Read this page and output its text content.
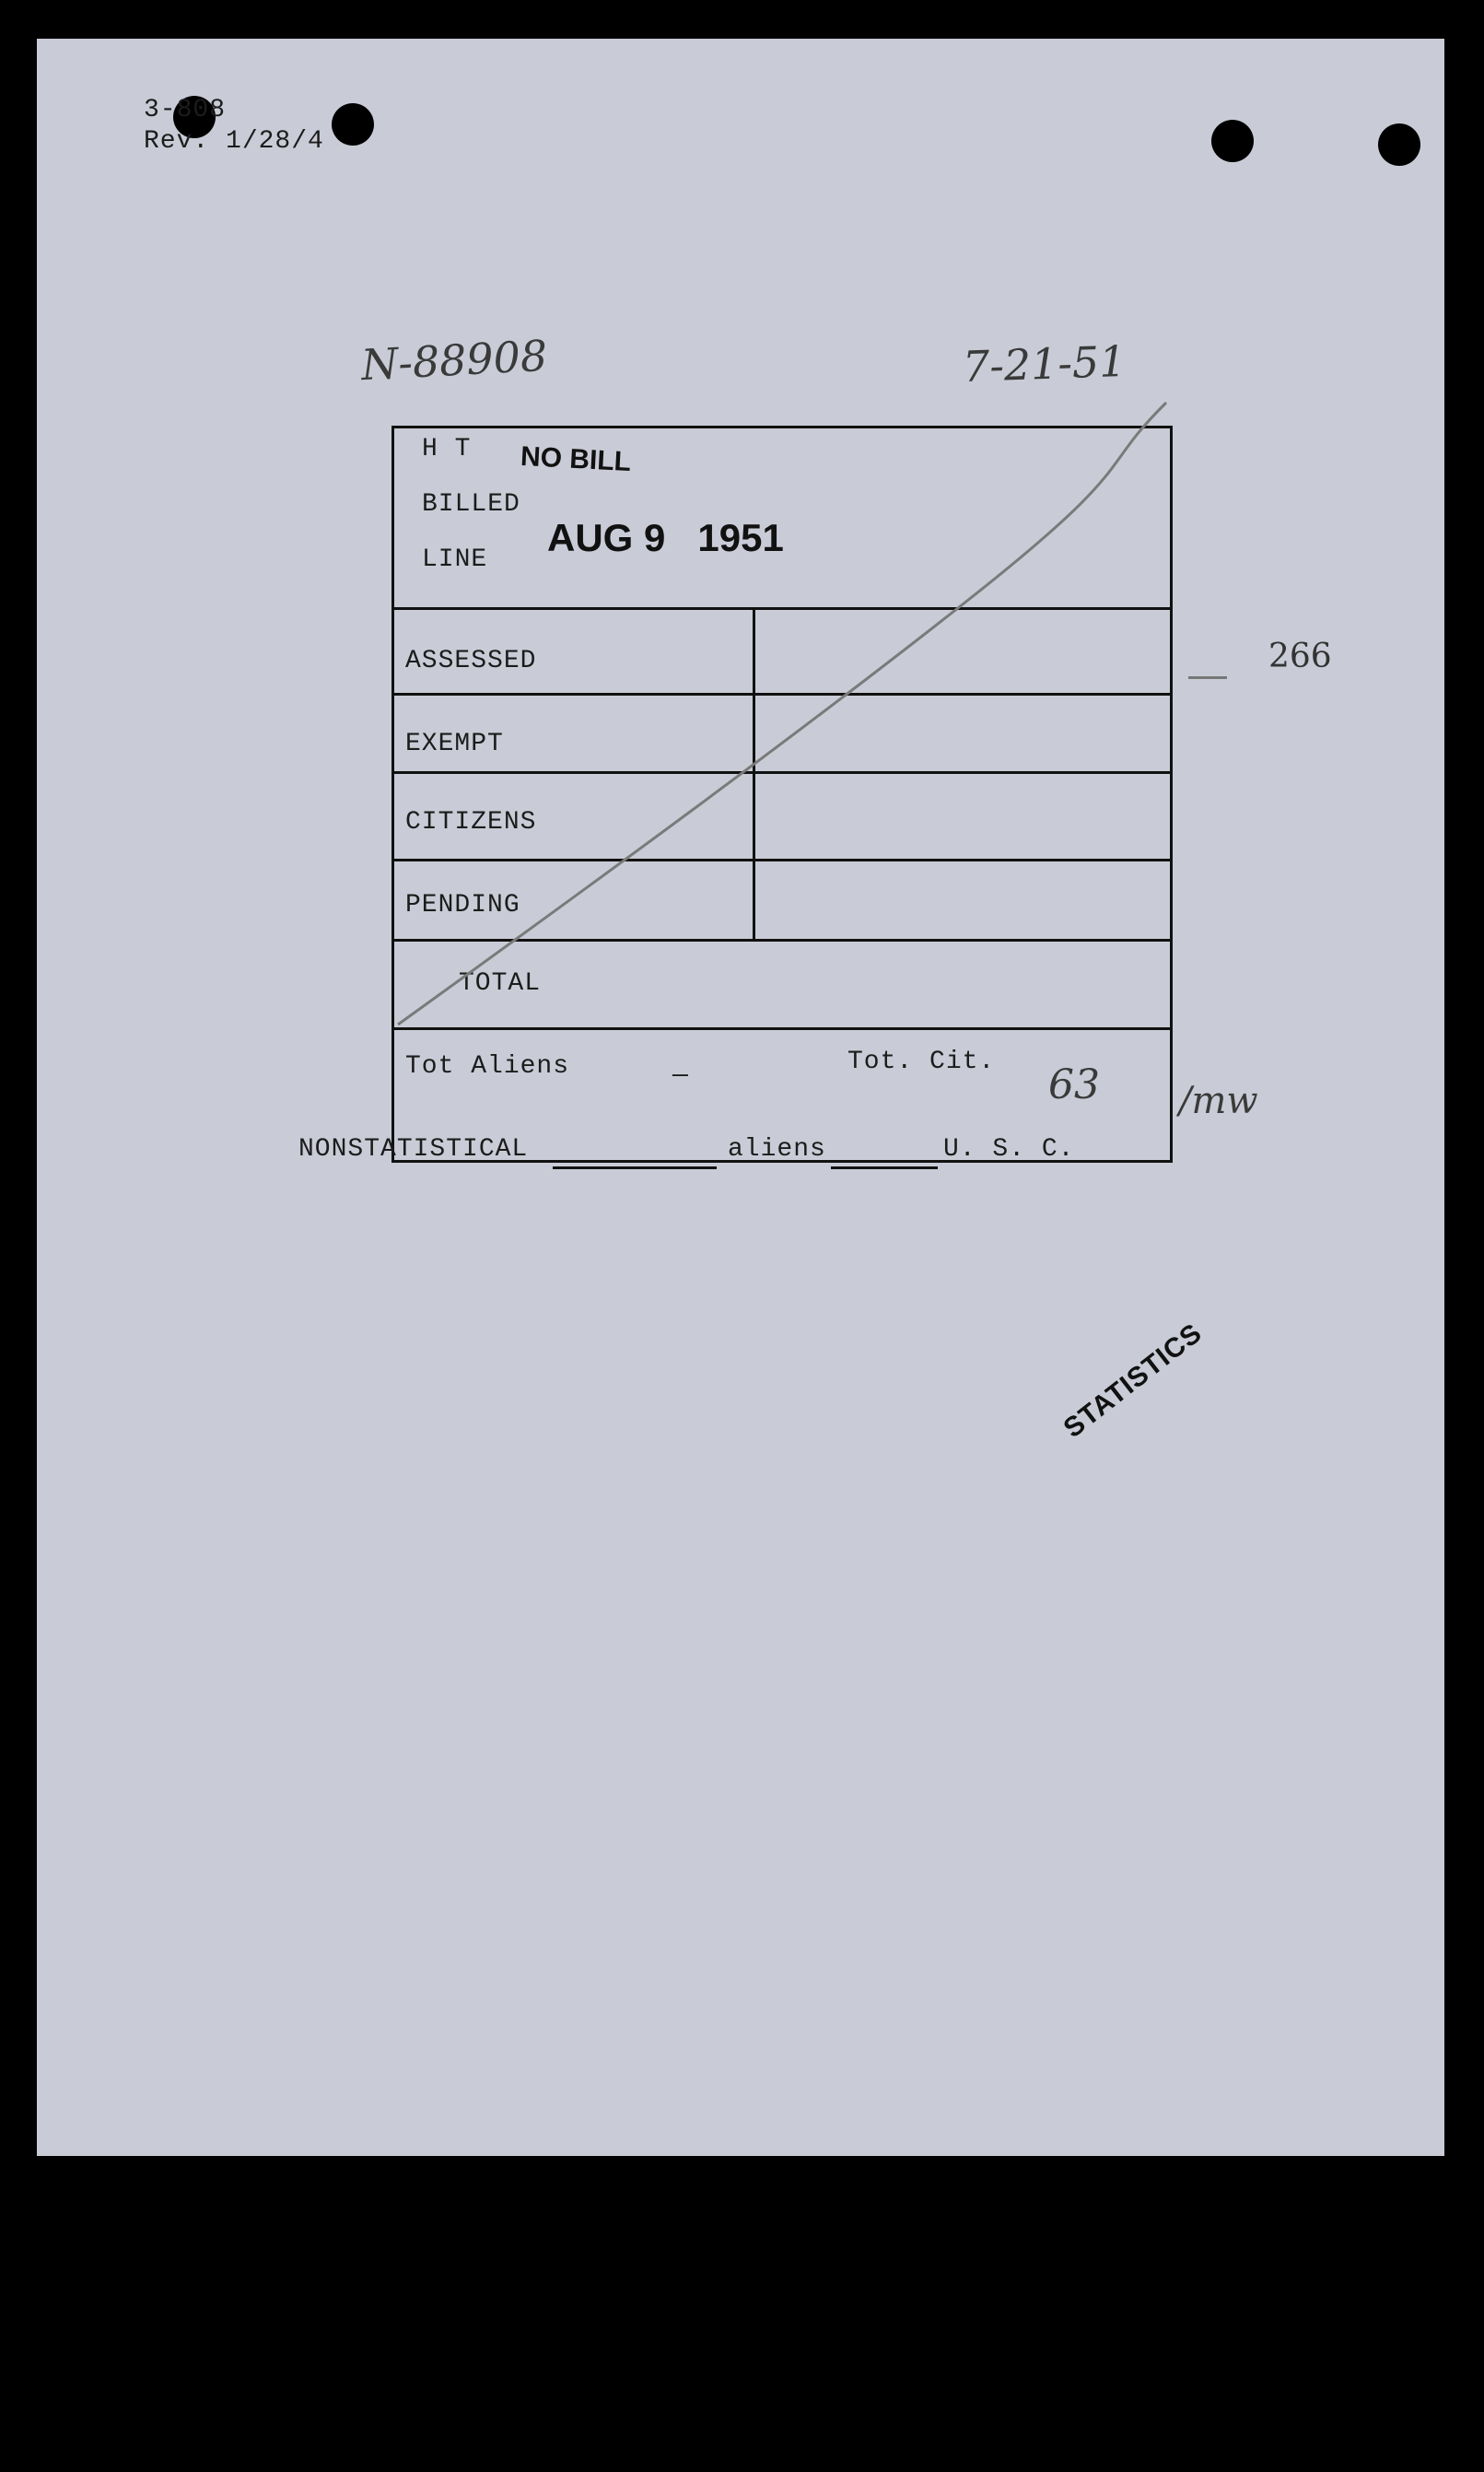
3-808
Rev. 1/28/4
N-88908	7-21-51
266
H T
BILLED
LINE
NO BILL
AUG 9   1951
ASSESSED
EXEMPT
CITIZENS
PENDING
TOTAL
Tot Aliens	—	Tot. Cit. 63 /mw
NONSTATISTICAL	aliens	U. S. C.
STATISTICS
